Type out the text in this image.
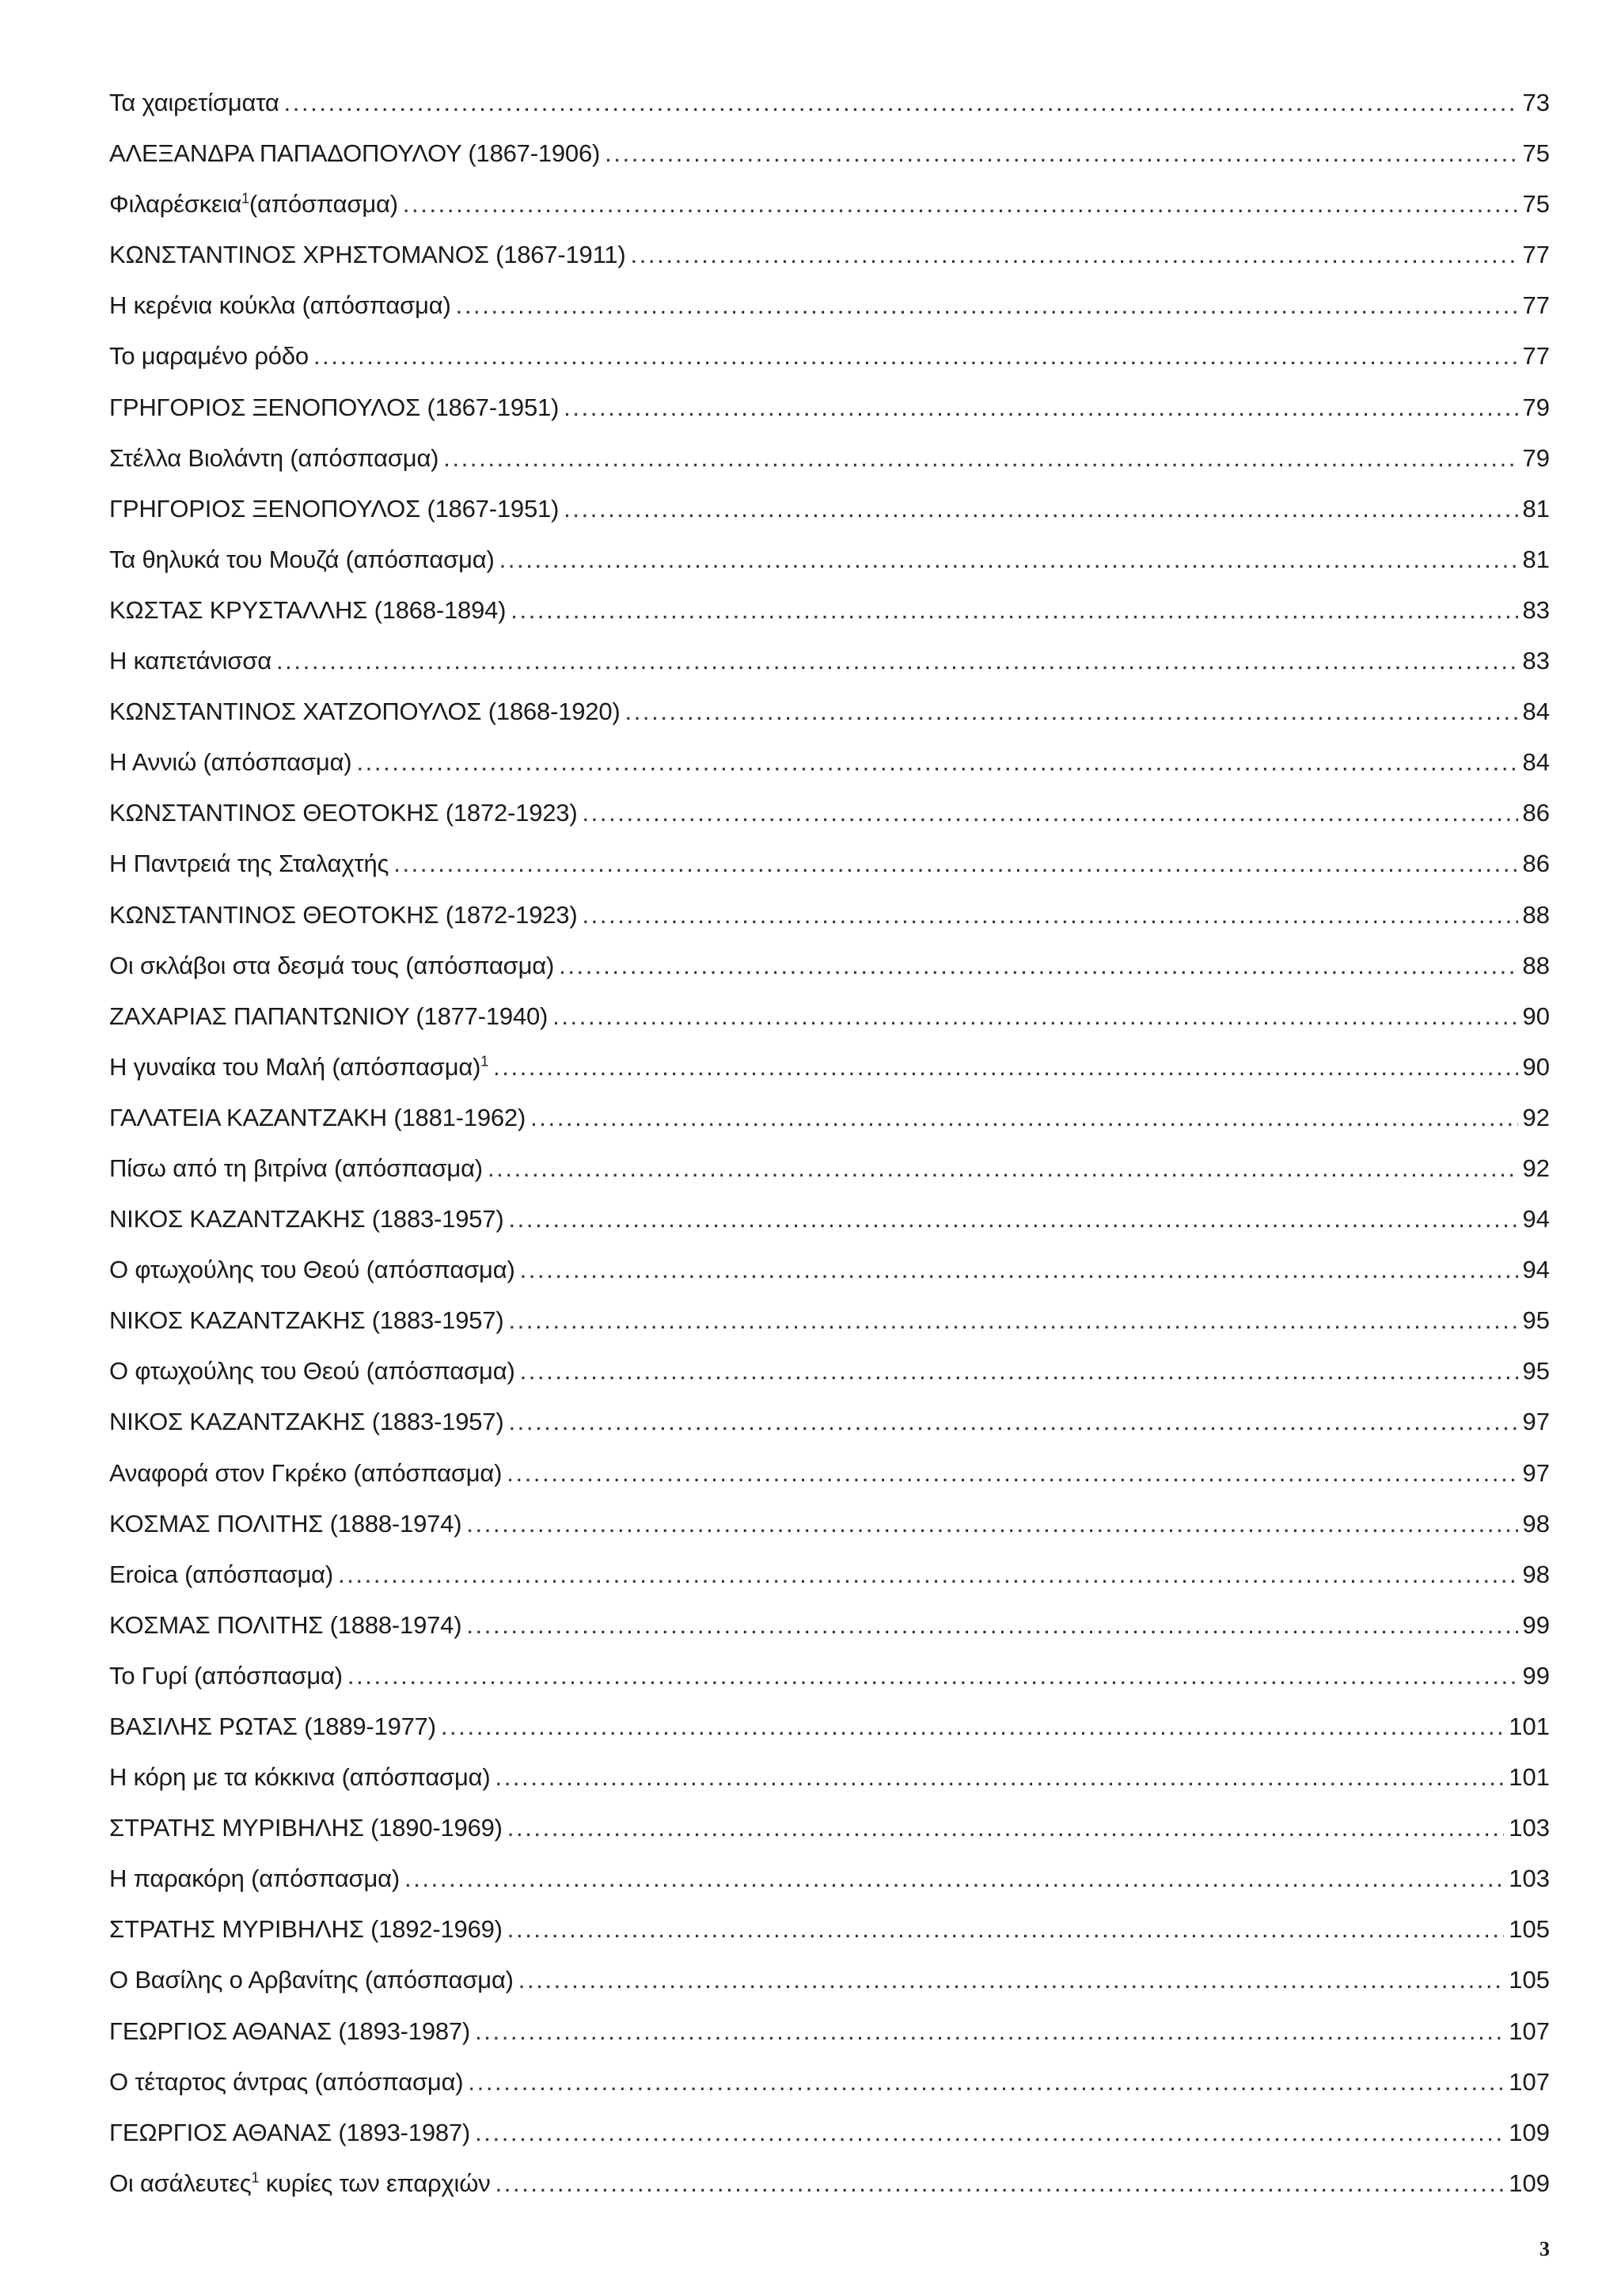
Τα χαιρετίσματα .....	73
ΑΛΕΞΑΝΔΡΑ ΠΑΠΑΔΟΠΟΥΛΟΥ (1867-1906) .....	75
Φιλαρέσκεια$^1$(απόσπασμα) .....	75
ΚΩΝΣΤΑΝΤΙΝΟΣ ΧΡΗΣΤΟΜΑΝΟΣ (1867-1911) .....	77
Η κερένια κούκλα (απόσπασμα) .....	77
Το μαραμένο ρόδο .....	77
ΓΡΗΓΟΡΙΟΣ ΞΕΝΟΠΟΥΛΟΣ (1867-1951) .....	79
Στέλλα Βιολάντη (απόσπασμα) .....	79
ΓΡΗΓΟΡΙΟΣ ΞΕΝΟΠΟΥΛΟΣ (1867-1951) .....	81
Τα θηλυκά του Μουζά (απόσπασμα) .....	81
ΚΩΣΤΑΣ ΚΡΥΣΤΑΛΛΗΣ (1868-1894) .....	83
Η καπετάνισσα .....	83
ΚΩΝΣΤΑΝΤΙΝΟΣ ΧΑΤΖΟΠΟΥΛΟΣ (1868-1920) .....	84
Η Αννιώ (απόσπασμα) .....	84
ΚΩΝΣΤΑΝΤΙΝΟΣ ΘΕΟΤΟΚΗΣ (1872-1923) .....	86
Η Παντρειά της Σταλαχτής .....	86
ΚΩΝΣΤΑΝΤΙΝΟΣ ΘΕΟΤΟΚΗΣ (1872-1923) .....	88
Οι σκλάβοι στα δεσμά τους (απόσπασμα) .....	88
ΖΑΧΑΡΙΑΣ ΠΑΠΑΝΤΩΝΙΟΥ (1877-1940) .....	90
Η γυναίκα του Μαλή $(\alpha\pi ό\sigma\pi\alpha\sigma\mu\alpha)^1$ .....	90
ΓΑΛΑΤΕΙΑ ΚΑΖΑΝΤΖΑΚΗ (1881-1962) .....	92
Πίσω από τη βιτρίνα (απόσπασμα) .....	92
ΝΙΚΟΣ ΚΑΖΑΝΤΖΑΚΗΣ (1883-1957) .....	94
Ο φτωχούλης του Θεού (απόσπασμα) .....	94
ΝΙΚΟΣ ΚΑΖΑΝΤΖΑΚΗΣ (1883-1957) .....	95
Ο φτωχούλης του Θεού (απόσπασμα) .....	95
ΝΙΚΟΣ ΚΑΖΑΝΤΖΑΚΗΣ (1883-1957) .....	97
Αναφορά στον Γκρέκο (απόσπασμα) .....	97
ΚΟΣΜΑΣ ΠΟΛΙΤΗΣ (1888-1974) .....	98
Eroica (απόσπασμα) .....	98
ΚΟΣΜΑΣ ΠΟΛΙΤΗΣ (1888-1974) .....	99
Το Γυρί (απόσπασμα) .....	99
ΒΑΣΙΛΗΣ ΡΩΤΑΣ (1889-1977) .....	101
Η κόρη με τα κόκκινα (απόσπασμα) .....	101
ΣΤΡΑΤΗΣ ΜΥΡΙΒΗΛΗΣ (1890-1969) .....	103
Η παρακόρη (απόσπασμα) .....	103
ΣΤΡΑΤΗΣ ΜΥΡΙΒΗΛΗΣ (1892-1969) .....	105
Ο Βασίλης ο Αρβανίτης (απόσπασμα) .....	105
ΓΕΩΡΓΙΟΣ ΑΘΑΝΑΣ (1893-1987) .....	107
Ο τέταρτος άντρας (απόσπασμα) .....	107
ΓΕΩΡΓΙΟΣ ΑΘΑΝΑΣ (1893-1987) .....	109
Οι ασάλευτες$^1$ κυρίες των επαρχιών .....	109
3
